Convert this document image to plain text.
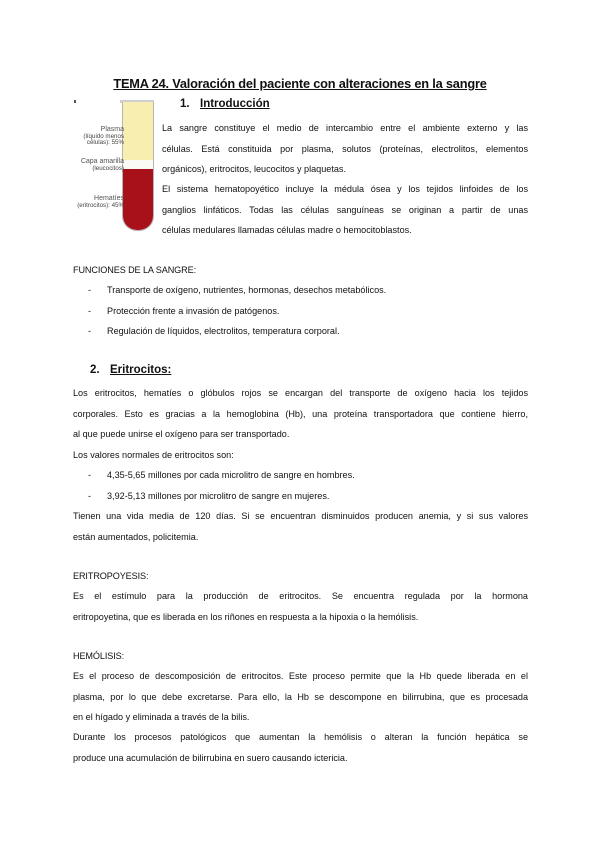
TEMA 24. Valoración del paciente con alteraciones en la sangre
Plasma
(líquido menos
células): 55%
Capa amarilla
(leucocitos)
Hematíes
(eritrocitos): 45%
1. Introducción
La sangre constituye el medio de intercambio entre el ambiente externo y las
células. Está constituida por plasma, solutos (proteínas, electrolitos, elementos
orgánicos), eritrocitos, leucocitos y plaquetas.
El sistema hematopoyético incluye la médula ósea y los tejidos linfoides de los
ganglios linfáticos. Todas las células sanguíneas se originan a partir de unas
células medulares llamadas células madre o hemocitoblastos.
FUNCIONES DE LA SANGRE:
- Transporte de oxígeno, nutrientes, hormonas, desechos metabólicos.
- Protección frente a invasión de patógenos.
- Regulación de líquidos, electrolitos, temperatura corporal.
2. Eritrocitos:
Los eritrocitos, hematíes o glóbulos rojos se encargan del transporte de oxígeno hacia los tejidos
corporales. Esto es gracias a la hemoglobina (Hb), una proteína transportadora que contiene hierro,
al que puede unirse el oxígeno para ser transportado.
Los valores normales de eritrocitos son:
- 4,35-5,65 millones por cada microlitro de sangre en hombres.
- 3,92-5,13 millones por microlitro de sangre en mujeres.
Tienen una vida media de 120 días. Si se encuentran disminuidos producen anemia, y si sus valores
están aumentados, policitemia.
ERITROPOYESIS:
Es el estímulo para la producción de eritrocitos. Se encuentra regulada por la hormona
eritropoyetina, que es liberada en los riñones en respuesta a la hipoxia o la hemólisis.
HEMÓLISIS:
Es el proceso de descomposición de eritrocitos. Este proceso permite que la Hb quede liberada en el
plasma, por lo que debe excretarse. Para ello, la Hb se descompone en bilirrubina, que es procesada
en el hígado y eliminada a través de la bilis.
Durante los procesos patológicos que aumentan la hemólisis o alteran la función hepática se
produce una acumulación de bilirrubina en suero causando ictericia.
